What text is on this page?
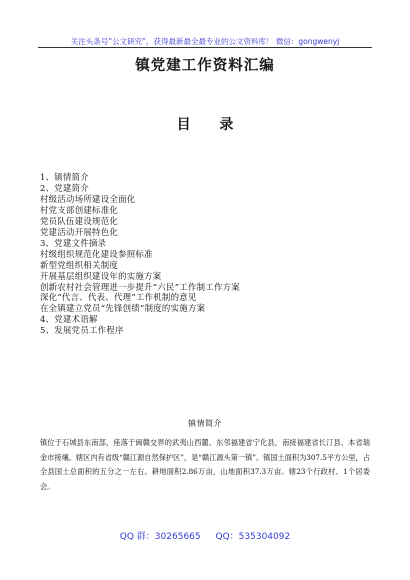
关注头条号“公文研究”，获得最新最全最专业的公文资料库！ 微信：gongwenyj
镇党建工作资料汇编
目 录
1、镇情简介
2、党建简介
村级活动场所建设全面化
村党支部创建标准化
党员队伍建设规范化
党建活动开展特色化
3、党建文件摘录
村级组织规范化建设参照标准
新型党组织相关制度
开展基层组织建设年的实施方案
创新农村社会管理进一步提升“六民”工作制工作方案
深化“代言、代表、代理”工作机制的意见
在全镇建立党员“先锋创绩”制度的实施方案
4、党建术语解
5、发展党员工作程序
镇情简介

镇位于石城县东南部，座落于闽赣交界的武夷山西麓。东邻福建省宁化县，南接福建省长汀县、本省瑞金市接壤。辖区内有省级“赣江源自然保护区”，是“赣江源头第一镇”。镇国土面积为307.5平方公里，占全县国土总面积的五分之一左右。耕地面积2.86万亩，山地面积37.3万亩。辖23个行政村、1个居委会。

QQ 群：30265665 QQ：535304092
